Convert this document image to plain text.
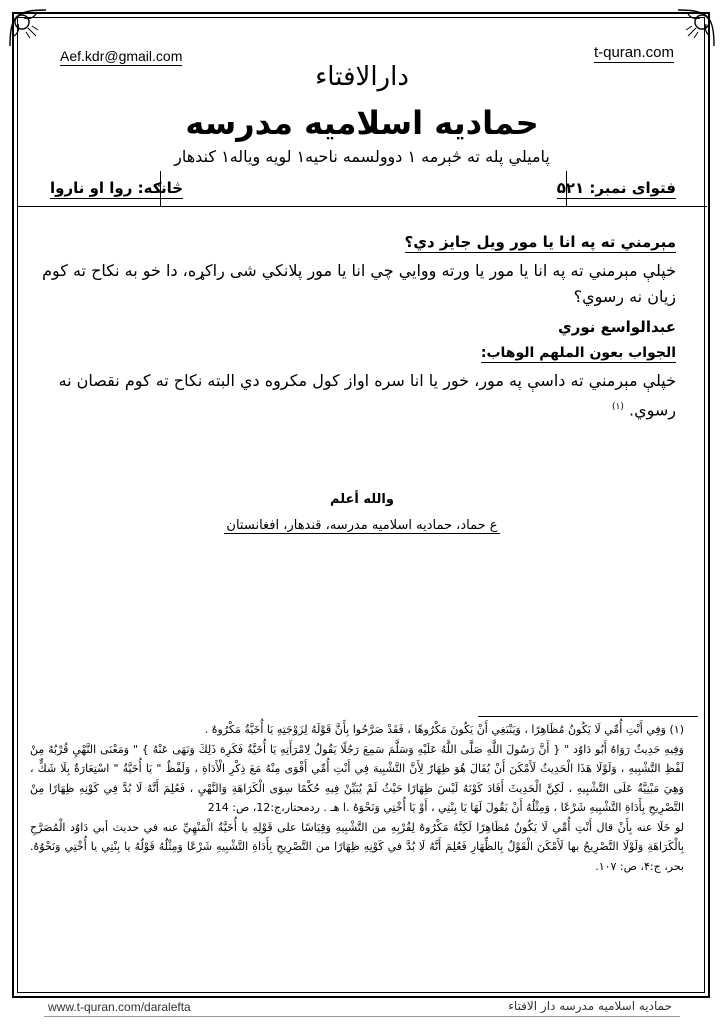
Aef.kdr@gmail.com	t-quran.com
دارالافتاء
حمادیه اسلامیه مدرسه
پامیلي پله ته څېرمه ۱ دوولسمه ناحیه۱ لویه ویاله۱ کندهار
فتوای نمبر: ۵۲۱
څانګه: روا او ناروا
مېرمني ته په انا يا مور ويل جايز دي؟
خپلې مېرمني ته په انا يا مور يا ورته ووايي چي انا يا مور پلانکي شی راکړه، دا خو به نکاح ته کوم زيان نه رسوي؟
عبدالواسع نوري
الجواب بعون الملهم الوهاب:
خپلې مېرمني ته داسې په مور، خور يا انا سره اواز کول مکروه دي البته نکاح ته کوم نقصان نه رسوي. $^{(۱)}$
والله أعلم
ع حماد، حمادیه اسلامیه مدرسه، قندهار، افغانستان

(۱) وَفِي أَنْتِ أُمِّي لَا يَكُونُ مُظَاهِرًا ، وَيَنْبَغِي أَنْ يَكُونَ مَكْرُوهًا ، فَقَدْ صَرَّحُوا بِأَنَّ قَوْلَهُ لِزَوْجَتِهِ يَا أُخَيَّةُ مَكْرُوهٌ .

وَفِيهِ حَدِيثٌ رَوَاهُ أَبُو دَاوُد " { أَنَّ رَسُولَ اللَّهِ صَلَّى اللَّهُ عَلَيْهِ وَسَلَّمَ سَمِعَ رَجُلًا يَقُولُ لِامْرَأَتِهِ يَا أُخَيَّةُ فَكَرِهَ ذَلِكَ وَنَهَى عَنْهُ } " وَمَعْنَى النَّهْيِ قُرْبُهُ مِنْ لَفْظِ التَّشْبِيهِ ، وَلَوْلَا هَذَا الْحَدِيثُ لَأَمْكَنَ أَنْ يُقَالَ هُوَ ظِهَارٌ لِأَنَّ التَّشْبِيهَ فِي أَنْتِ أُمِّي أَقْوَى مِنْهُ مَعَ ذِكْرِ الْأَدَاةِ ، وَلَفْظُ " يَا أُخَيَّةُ " اسْتِعَارَةٌ بِلَا شَكٍّ ، وَهِيَ مَبْنِيَّةٌ عَلَى التَّشْبِيهِ ، لَكِنَّ الْحَدِيثَ أَفَادَ كَوْنَهُ لَيْسَ ظِهَارًا حَيْثُ لَمْ يُبَيِّنْ فِيهِ حُكْمًا سِوَى الْكَرَاهَةِ وَالنَّهْيِ ، فَعُلِمَ أَنَّهُ لَا بُدَّ فِي كَوْنِهِ ظِهَارًا مِنْ التَّصْرِيحِ بِأَدَاةِ التَّشْبِيهِ شَرْعًا ، وَمِثْلُهُ أَنْ يَقُولَ لَهَا يَا بِنْتِي ، أَوْ يَا أُخْتِي وَنَحْوَهُ .ا هـ . ردمحتار،ج:12، ص: 214

لو خَلَا عنه بِأَنْ قال أَنْتِ أُمِّي لَا يَكُونُ مُظَاهِرًا لَكِنَّهُ مَكْرُوهٌ لِقُرْبِهِ من التَّشْبِيهِ وَقِيَاسًا على قَوْلِهِ يا أُخَيَّةُ الْمَنْهِيِّ عنه في حديث أبي دَاوُد الْمُصَرَّحِ بِالْكَرَاهَةِ وَلَوْلَا التَّصْرِيحُ بها لَأَمْكَنَ الْقَوْلُ بِالظِّهَارِ فَعُلِمَ أَنَّهُ لَا بُدَّ في كَوْنِهِ ظِهَارًا من التَّصْرِيحِ بِأَدَاةِ التَّشْبِيهِ شَرْعًا وَمِثْلُهُ قَوْلُهُ يا بِنْتِي يا أُخْتِي وَنَحْوُهُ. بحر، ج:۴، ص: ۱۰۷.

www.t-quran.com/daralefta	حمادیه اسلامیه مدرسه دار الافتاء
